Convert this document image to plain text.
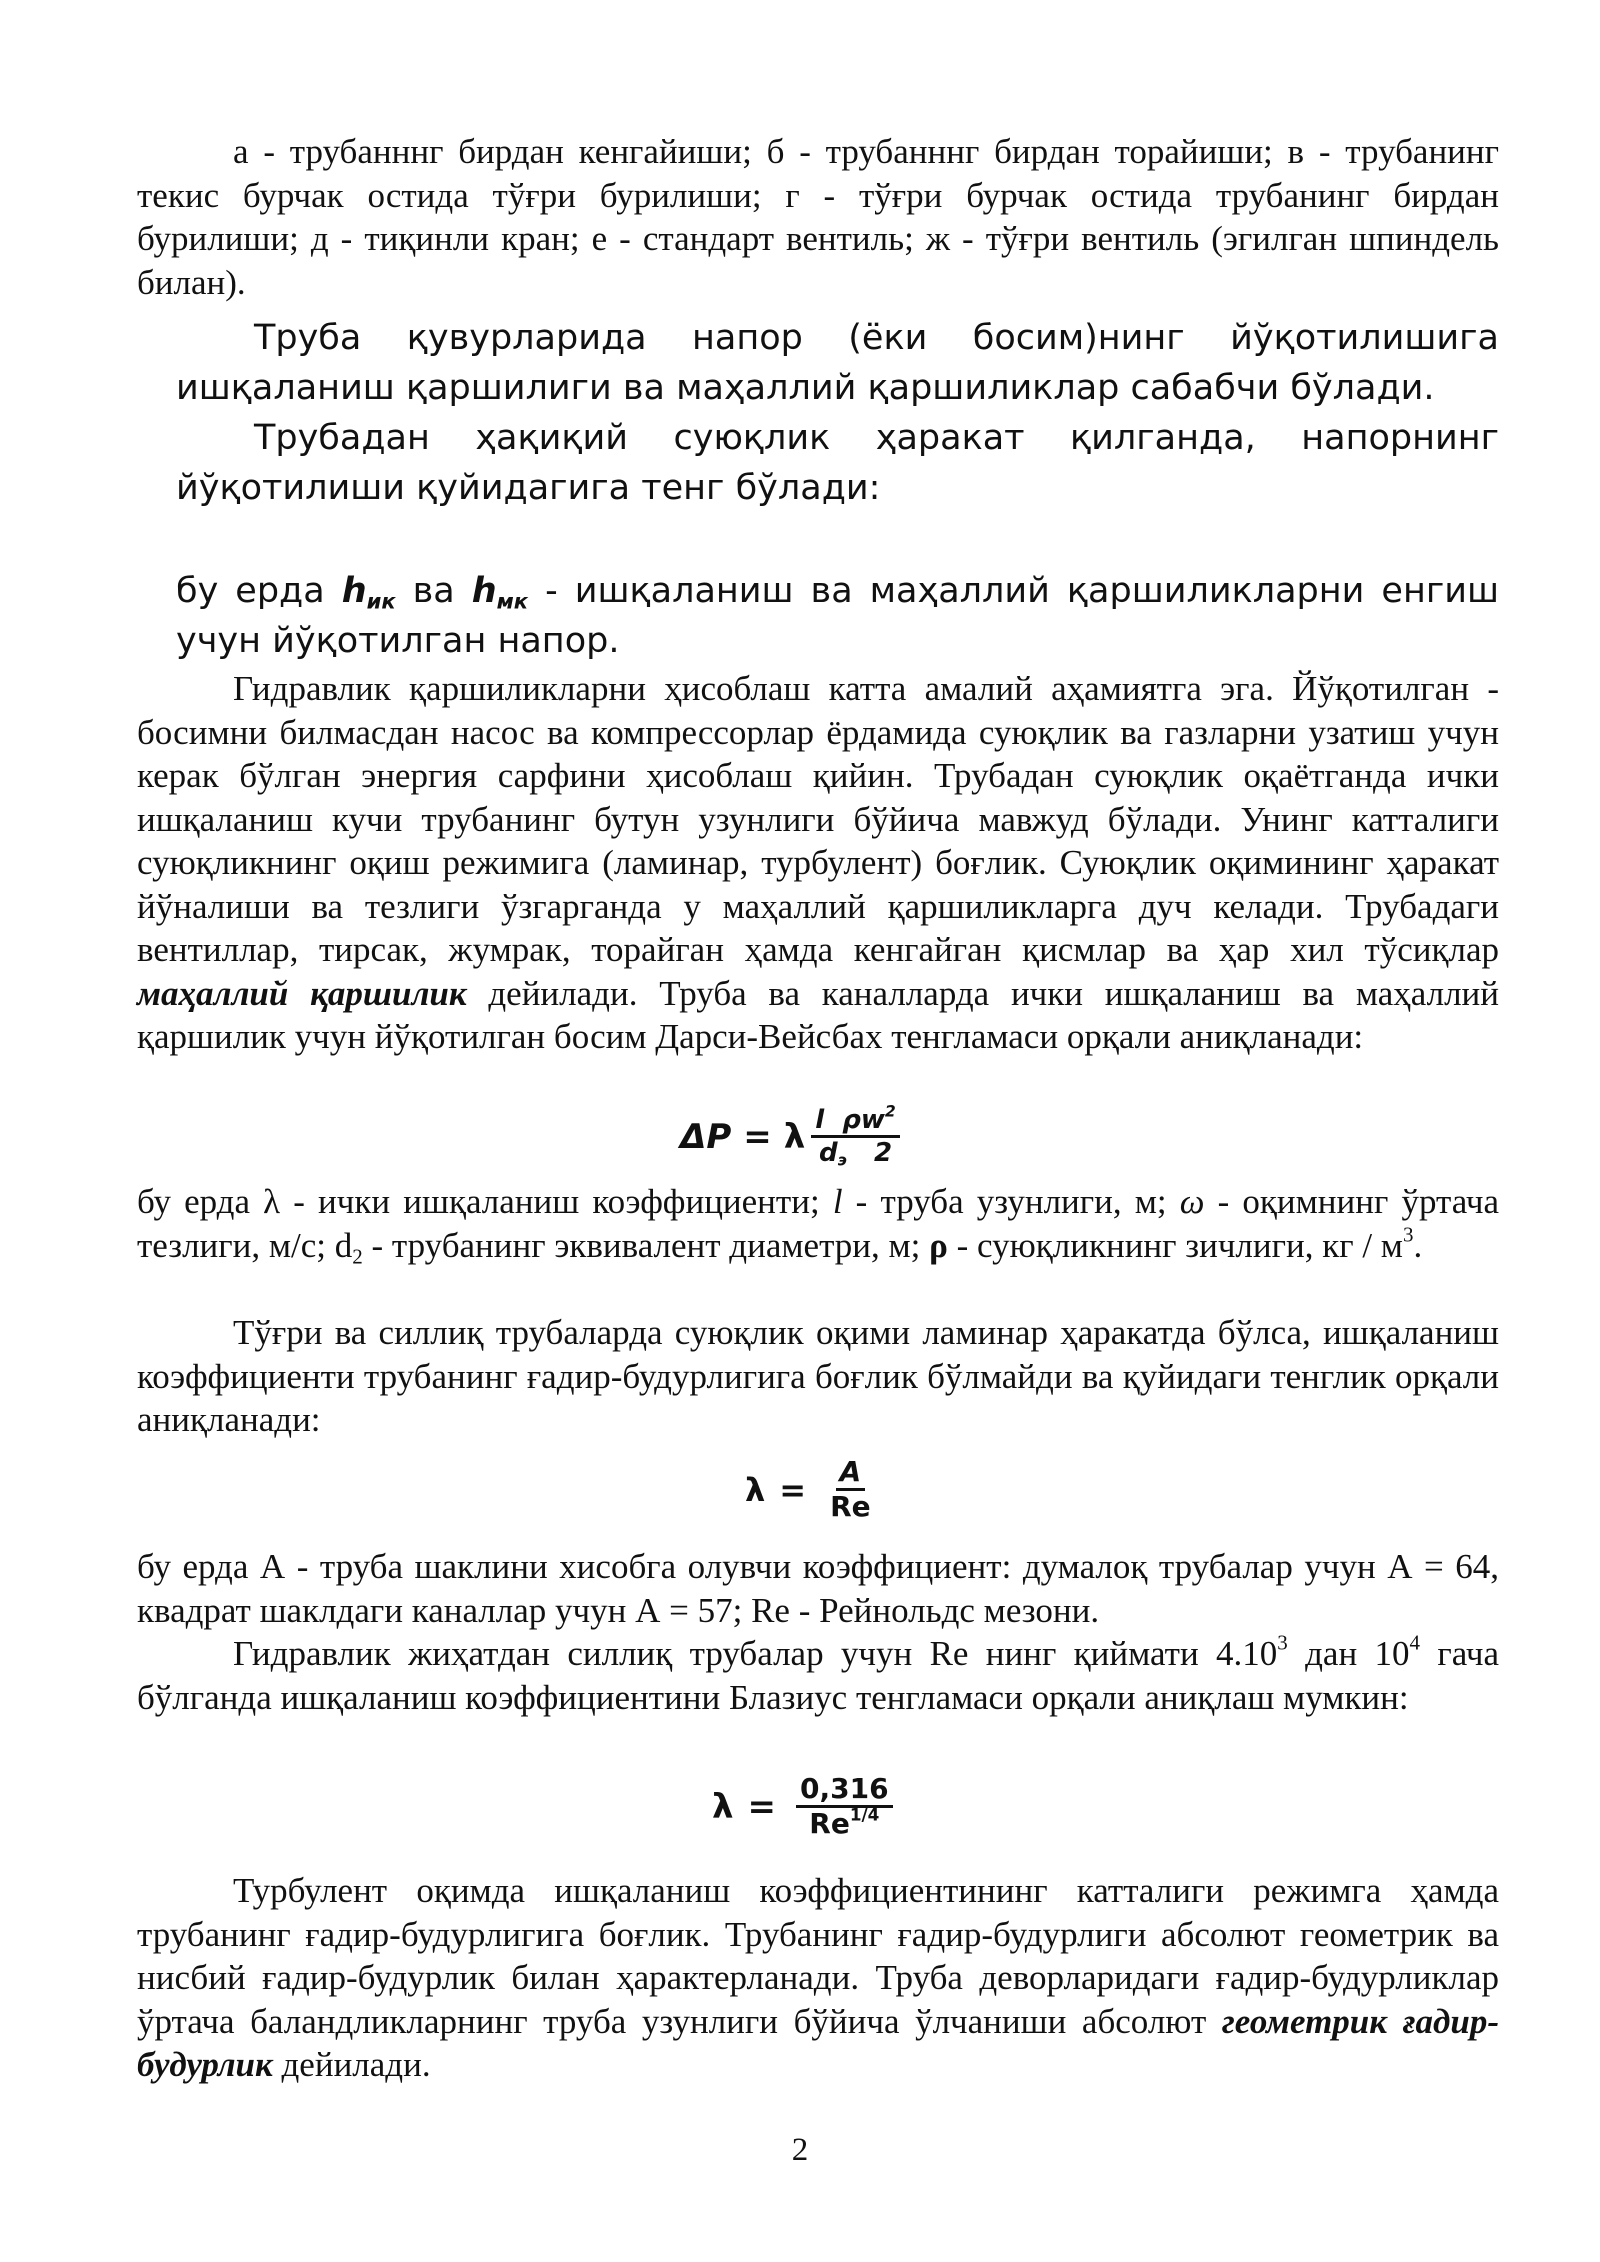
а - трубанннг бирдан кенгайиши; б - трубанннг бирдан торайиши; в - трубанинг текис бурчак остида тўғри бурилиши; г - тўғри бурчак остида трубанинг бирдан бурилиши; д - тиқинли кран; е - стандарт вентиль; ж - тўғри вентиль (эгилган шпиндель билан).

Труба қувурларида напор (ёки босим)нинг йўқотилишига ишқаланиш қаршилиги ва маҳаллий қаршиликлар сабабчи бўлади.

Трубадан ҳақиқий суюқлик ҳаракат қилганда, напорнинг йўқотилиши қуйидагига тенг бўлади:

бу ерда $h_{ик}$ ва $h_{мк}$ - ишқаланиш ва маҳаллий қаршиликларни енгиш учун йўқотилган напор.

Гидравлик қаршиликларни ҳисоблаш катта амалий аҳамиятга эга. Йўқотилган - босимни билмасдан насос ва компрессорлар ёрдамида суюқлик ва газларни узатиш учун керак бўлган энергия сарфини ҳисоблаш қийин. Трубадан суюқлик оқаётганда ички ишқаланиш кучи трубанинг бутун узунлиги бўйича мавжуд бўлади. Унинг катталиги суюқликнинг оқиш режимига (ламинар, турбулент) боғлик. Суюқлик оқимининг ҳаракат йўналиши ва тезлиги ўзгарганда у маҳаллий қаршиликларга дуч келади. Трубадаги вентиллар, тирсак, жумрак, торайган ҳамда кенгайган қисмлар ва ҳар хил тўсиқлар маҳаллий қаршилик дейилади. Труба ва каналларда ички ишқаланиш ва маҳаллий қаршилик учун йўқотилган босим Дарси-Вейсбах тенгламаси орқали аниқланади:

ΔP = λ $\frac{l \rho w^2}{d_э 2}$

бу ерда λ - ички ишқаланиш коэффициенти; l - труба узунлиги, м; ω - оқимнинг ўртача тезлиги, м/с; $d_2$ - трубанинг эквивалент диаметри, м; ρ - суюқликнинг зичлиги, кг / $м^3$.

Тўғри ва силлиқ трубаларда суюқлик оқими ламинар ҳаракатда бўлса, ишқаланиш коэффициенти трубанинг ғадир-будурлигига боғлик бўлмайди ва қуйидаги тенглик орқали аниқланади:

$\lambda = \frac{A}{Re}$

бу ерда А - труба шаклини хисобга олувчи коэффициент: думалоқ трубалар учун А = 64, квадрат шаклдаги каналлар учун А = 57; Re - Рейнольдс мезони.

Гидравлик жиҳатдан силлиқ трубалар учун Re нинг қиймати 4.10$^3$ дан $10^4$ гача бўлганда ишқаланиш коэффициентини Блазиус тенгламаси орқали аниқлаш мумкин:

$\lambda = \frac{0,316}{Re^{1/4}}$

Турбулент оқимда ишқаланиш коэффициентининг катталиги режимга ҳамда трубанинг ғадир-будурлигига боғлик. Трубанинг ғадир-будурлиги абсолют геометрик ва нисбий ғадир-будурлик билан ҳарактерланади. Труба деворларидаги ғадир-будурликлар ўртача баландликларнинг труба узунлиги бўйича ўлчаниши абсолют геометрик ғадир-будурлик дейилади.

2
